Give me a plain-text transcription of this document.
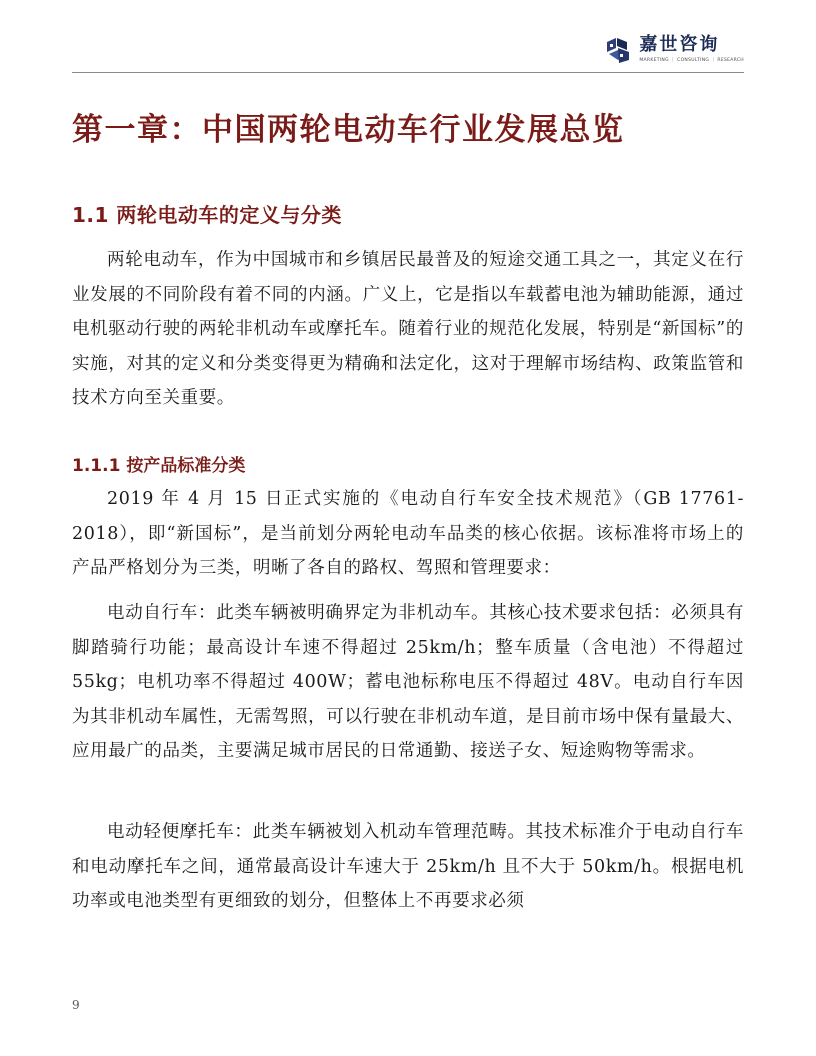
嘉世咨询
MARKETING ｜ CONSULTING ｜ RESEARCH
第一章：中国两轮电动车行业发展总览
1.1 两轮电动车的定义与分类

两轮电动车，作为中国城市和乡镇居民最普及的短途交通工具之一，其定义在行业发展的不同阶段有着不同的内涵。广义上，它是指以车载蓄电池为辅助能源，通过电机驱动行驶的两轮非机动车或摩托车。随着行业的规范化发展，特别是“新国标”的实施，对其的定义和分类变得更为精确和法定化，这对于理解市场结构、政策监管和技术方向至关重要。

1.1.1 按产品标准分类

2019 年 4 月 15 日正式实施的《电动自行车安全技术规范》（GB 17761-2018），即“新国标”，是当前划分两轮电动车品类的核心依据。该标准将市场上的产品严格划分为三类，明晰了各自的路权、驾照和管理要求：

电动自行车：此类车辆被明确界定为非机动车。其核心技术要求包括：必须具有脚踏骑行功能；最高设计车速不得超过 25km/h；整车质量（含电池）不得超过 55kg；电机功率不得超过 400W；蓄电池标称电压不得超过 48V。电动自行车因为其非机动车属性，无需驾照，可以行驶在非机动车道，是目前市场中保有量最大、应用最广的品类，主要满足城市居民的日常通勤、接送子女、短途购物等需求。

电动轻便摩托车：此类车辆被划入机动车管理范畴。其技术标准介于电动自行车和电动摩托车之间，通常最高设计车速大于 25km/h 且不大于 50km/h。根据电机功率或电池类型有更细致的划分，但整体上不再要求必须

9
